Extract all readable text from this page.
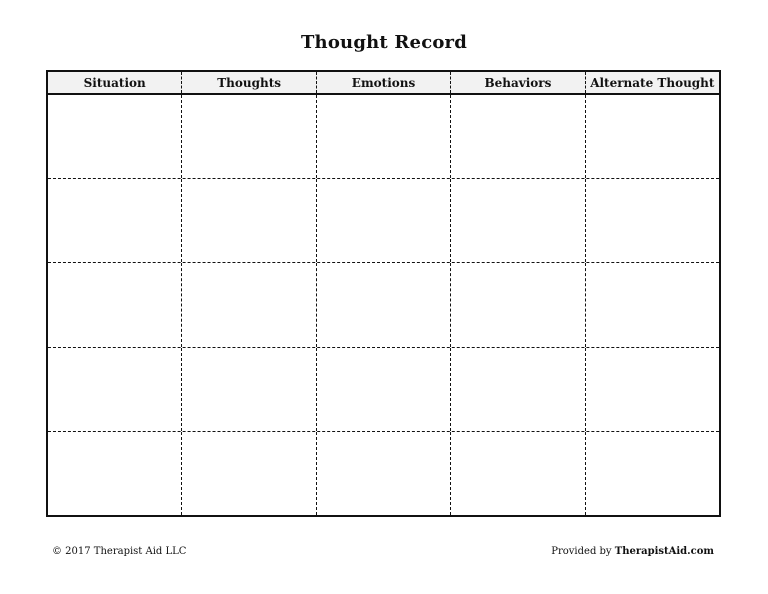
Thought Record
Situation	Thoughts	Emotions	Behaviors	Alternate Thought
© 2017 Therapist Aid LLC	Provided by TherapistAid.com
